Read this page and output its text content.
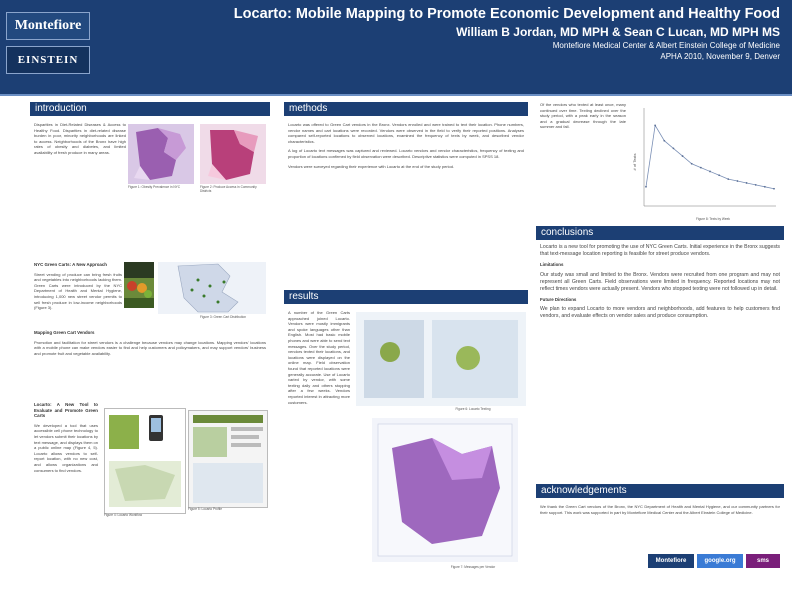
Montefiore
EINSTEIN
Locarto: Mobile Mapping to Promote Economic Development and Healthy Food
William B Jordan, MD MPH & Sean C Lucan, MD MPH MS
Montefiore Medical Center & Albert Einstein College of Medicine
APHA 2010, November 9, Denver
introduction
Disparities in Diet-Related Diseases & Access to Healthy Food. Disparities in diet-related disease burden in poor, minority neighborhoods are linked to access. Neighborhoods of the Bronx have high rates of obesity and diabetes, and limited availability of fresh produce in many areas.
Figure 1: Obesity Prevalence in NYC	Figure 2: Produce Access in Community Districts

NYC Green Carts: A New Approach

Street vending of produce can bring fresh fruits and vegetables into neighborhoods lacking them. Green Carts were introduced by the NYC Department of Health and Mental Hygiene, introducing 1,000 new street vendor permits to sell fresh produce in low-income neighborhoods (Figure 3).

Figure 3: Green Cart Distribution

Mapping Green Cart Vendors

Promotion and facilitation for street vendors is a challenge because vendors may change locations. Mapping vendors' locations with a mobile phone can make vendors easier to find and help customers and policymakers, and may support vendors' business and promote fruit and vegetable availability.

Locarto: A New Tool to Evaluate and Promote Green Carts

We developed a tool that uses accessible cell phone technology to let vendors submit their locations by text message, and displays them on a public online map (Figure 4, 5). Locarto allows vendors to self-report location, with no new cost, and allows organizations and consumers to find vendors.

Figure 4: Locarto Workflow
Figure 5: Locarto Profile
methods

Locarto was offered to Green Cart vendors in the Bronx. Vendors enrolled and were trained to text their location. Phone numbers, vendor names and cart locations were recorded. Vendors were observed in the field to verify their reported positions. Analyses compared self-reported locations to observed locations, examined the frequency of texts by week, and described vendor characteristics.

A log of Locarto text messages was captured and reviewed. Locarto vendors and vendor characteristics, frequency of texting and proportion of locations confirmed by field observation were described. Descriptive statistics were computed in SPSS 18.

Vendors were surveyed regarding their experience with Locarto at the end of the study period.

results

A number of the Green Carts approached joined Locarto. Vendors were mostly immigrants and spoke languages other than English. Most had basic mobile phones and were able to send text messages. Over the study period, vendors texted their locations, and locations were displayed on the online map. Field observation found that reported locations were generally accurate. Use of Locarto varied by vendor, with some texting daily and others stopping after a few weeks. Vendors reported interest in attracting more customers.

Figure 6: Locarto Texting
Figure 7: Messages per Vendor

Of the vendors who texted at least once, many continued over time. Texting declined over the study period, with a peak early in the season and a gradual decrease through the late summer and fall.

# of Texts
Figure 8: Texts by Week
conclusions

Locarto is a new tool for promoting the use of NYC Green Carts. Initial experience in the Bronx suggests that text-message location reporting is feasible for street produce vendors.

Limitations

Our study was small and limited to the Bronx. Vendors were recruited from one program and may not represent all Green Carts. Field observations were limited in frequency. Reported locations may not reflect times vendors were actually present. Vendors who stopped texting were not followed up in detail.

Future Directions

We plan to expand Locarto to more vendors and neighborhoods, add features to help customers find vendors, and evaluate effects on vendor sales and produce consumption.

acknowledgements

We thank the Green Cart vendors of the Bronx, the NYC Department of Health and Mental Hygiene, and our community partners for their support. This work was supported in part by Montefiore Medical Center and the Albert Einstein College of Medicine.

Montefiore	google.org	sms
